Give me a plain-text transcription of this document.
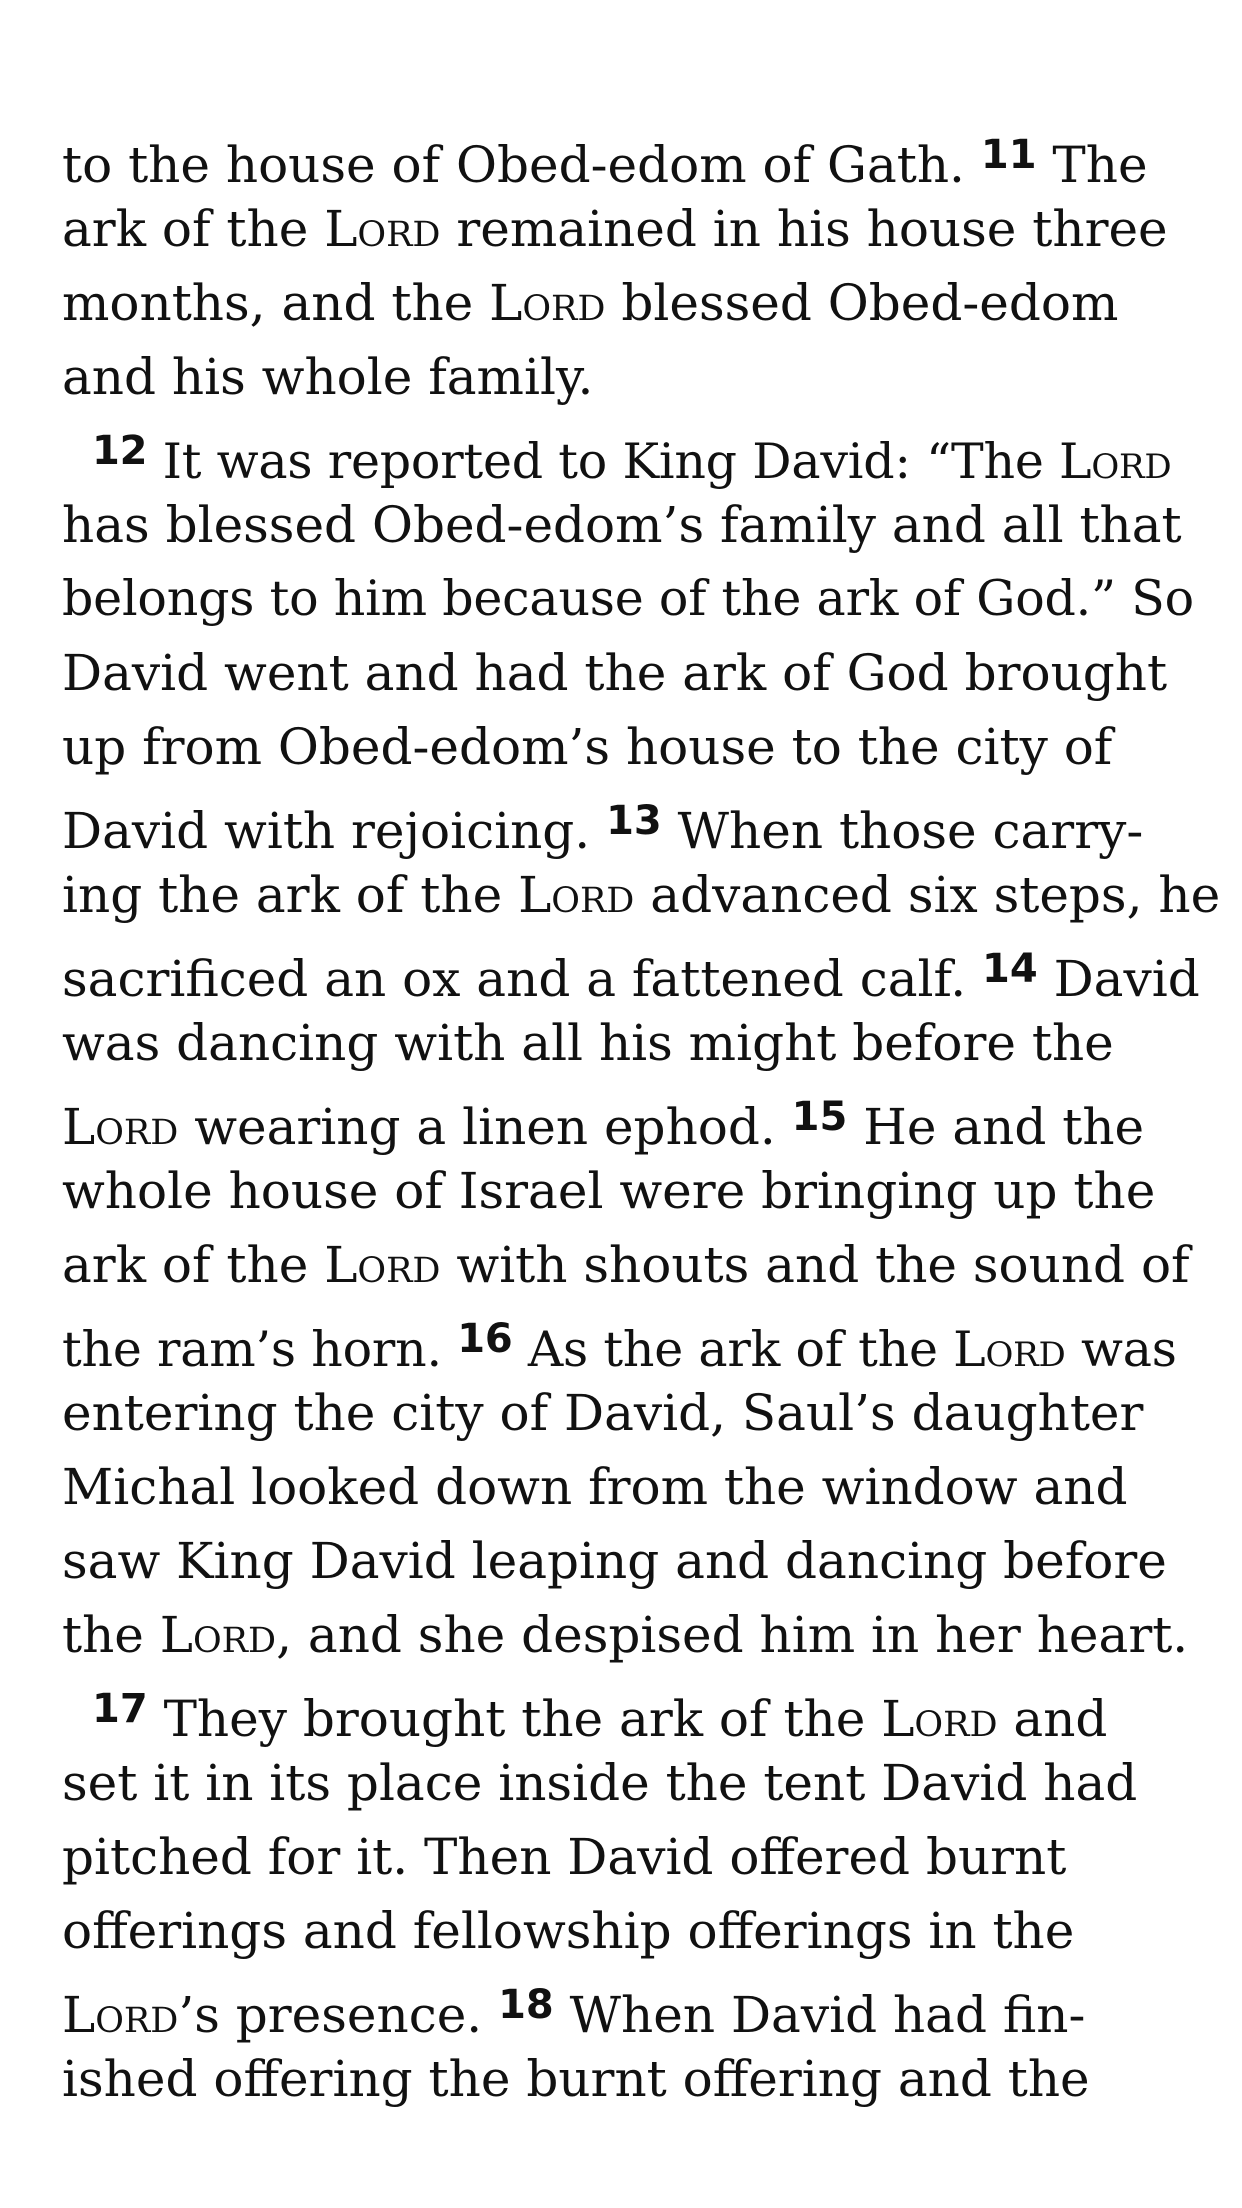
to the house of Obed-edom of Gath. $^{11}$ The
ark of the Lord remained in his house three
months, and the Lord blessed Obed-edom
and his whole family.
$^{12}$ It was reported to King David: “The Lord
has blessed Obed-edom’s family and all that
belongs to him because of the ark of God.” So
David went and had the ark of God brought
up from Obed-edom’s house to the city of
David with rejoicing. $^{13}$ When those carry-
ing the ark of the Lord advanced six steps, he
sacrificed an ox and a fattened calf. $^{14}$ David
was dancing with all his might before the
Lord wearing a linen ephod. $^{15}$ He and the
whole house of Israel were bringing up the
ark of the Lord with shouts and the sound of
the ram’s horn. $^{16}$ As the ark of the Lord was
entering the city of David, Saul’s daughter
Michal looked down from the window and
saw King David leaping and dancing before
the Lord, and she despised him in her heart.
$^{17}$ They brought the ark of the Lord and
set it in its place inside the tent David had
pitched for it. Then David offered burnt
offerings and fellowship offerings in the
Lord’s presence. $^{18}$ When David had fin-
ished offering the burnt offering and the
